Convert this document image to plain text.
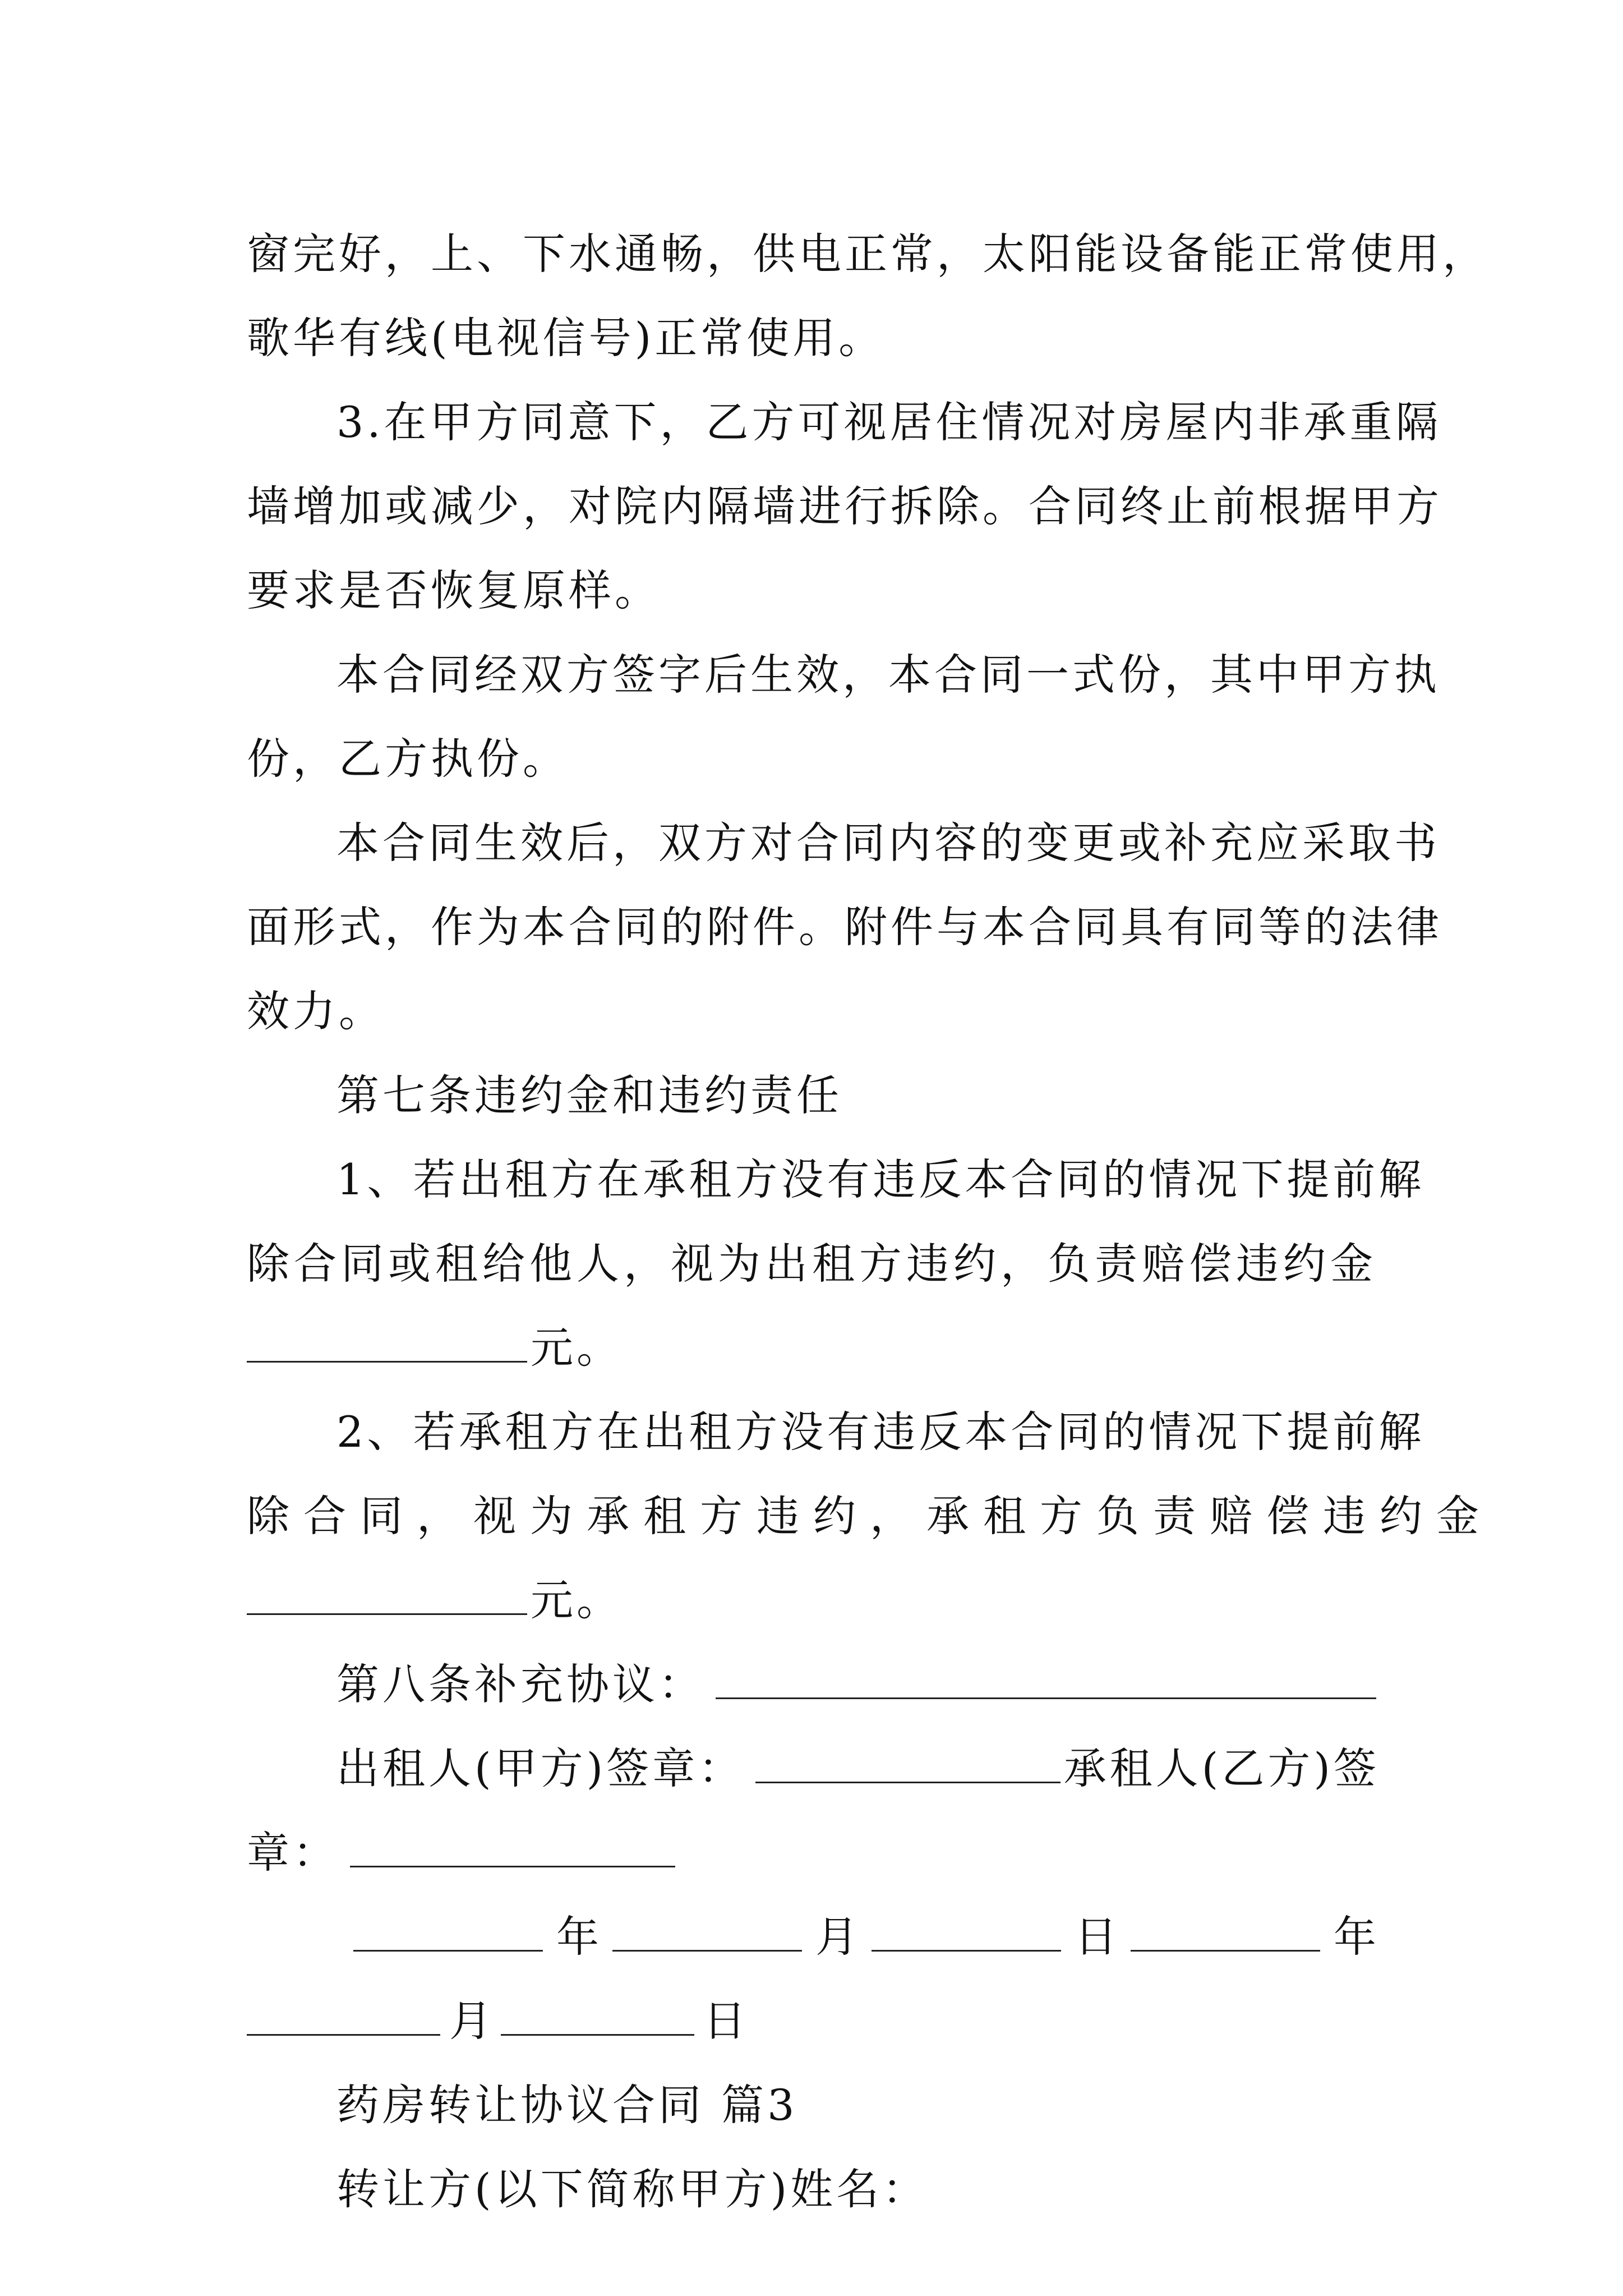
窗完好，上、下水通畅，供电正常，太阳能设备能正常使用，
歌华有线(电视信号)正常使用。
3.在甲方同意下，乙方可视居住情况对房屋内非承重隔
墙增加或减少，对院内隔墙进行拆除。合同终止前根据甲方
要求是否恢复原样。
本合同经双方签字后生效，本合同一式份，其中甲方执
份，乙方执份。
本合同生效后，双方对合同内容的变更或补充应采取书
面形式，作为本合同的附件。附件与本合同具有同等的法律
效力。
第七条违约金和违约责任
1、若出租方在承租方没有违反本合同的情况下提前解
除合同或租给他人，视为出租方违约，负责赔偿违约金
元。
2、若承租方在出租方没有违反本合同的情况下提前解
除合同，视为承租方违约，承租方负责赔偿违约金
元。
第八条补充协议：
出租人(甲方)签章：	承租人(乙方)签
章：
年	月	日	年
月	日
药房转让协议合同 篇3
转让方(以下简称甲方)姓名：
